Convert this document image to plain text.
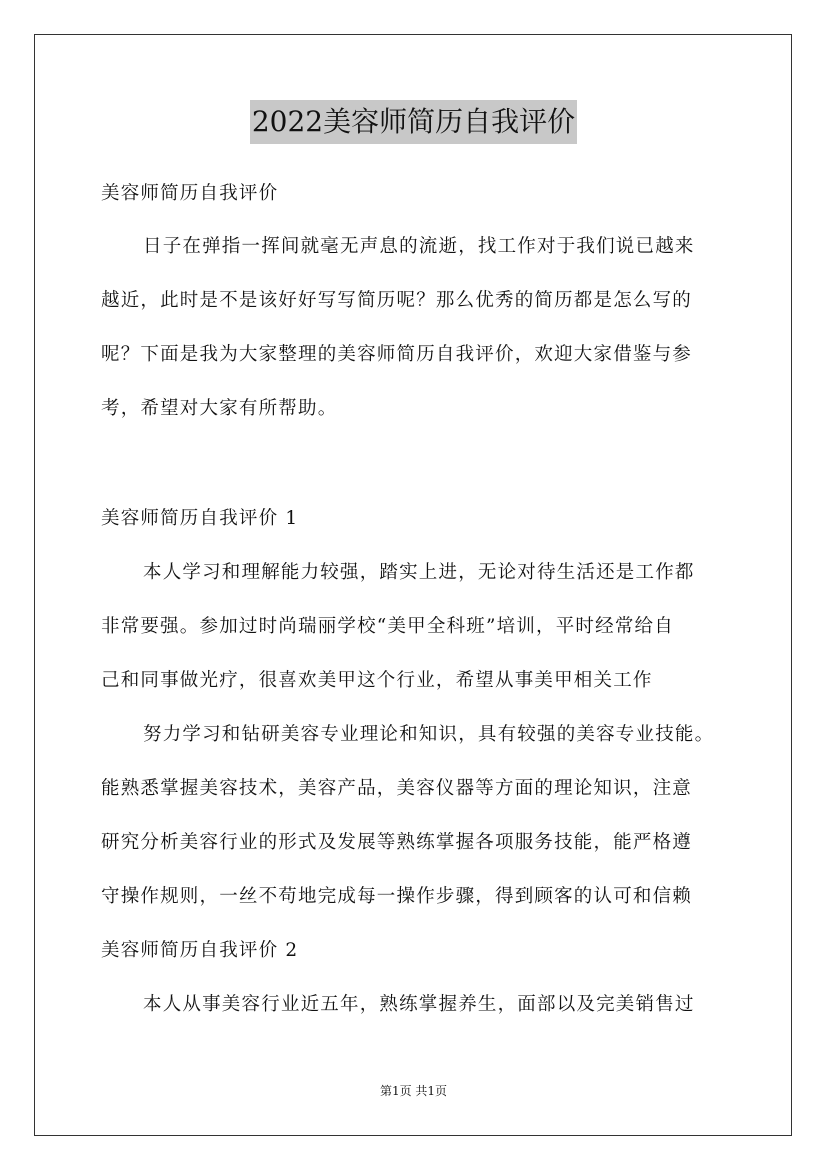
2022美容师简历自我评价
美容师简历自我评价
日子在弹指一挥间就毫无声息的流逝，找工作对于我们说已越来
越近，此时是不是该好好写写简历呢？那么优秀的简历都是怎么写的
呢？下面是我为大家整理的美容师简历自我评价，欢迎大家借鉴与参
考，希望对大家有所帮助。
美容师简历自我评价 1
本人学习和理解能力较强，踏实上进，无论对待生活还是工作都
非常要强。参加过时尚瑞丽学校“美甲全科班”培训，平时经常给自
己和同事做光疗，很喜欢美甲这个行业，希望从事美甲相关工作
努力学习和钻研美容专业理论和知识，具有较强的美容专业技能。
能熟悉掌握美容技术，美容产品，美容仪器等方面的理论知识，注意
研究分析美容行业的形式及发展等熟练掌握各项服务技能，能严格遵
守操作规则，一丝不苟地完成每一操作步骤，得到顾客的认可和信赖
美容师简历自我评价 2
本人从事美容行业近五年，熟练掌握养生，面部以及完美销售过
第1页 共1页
